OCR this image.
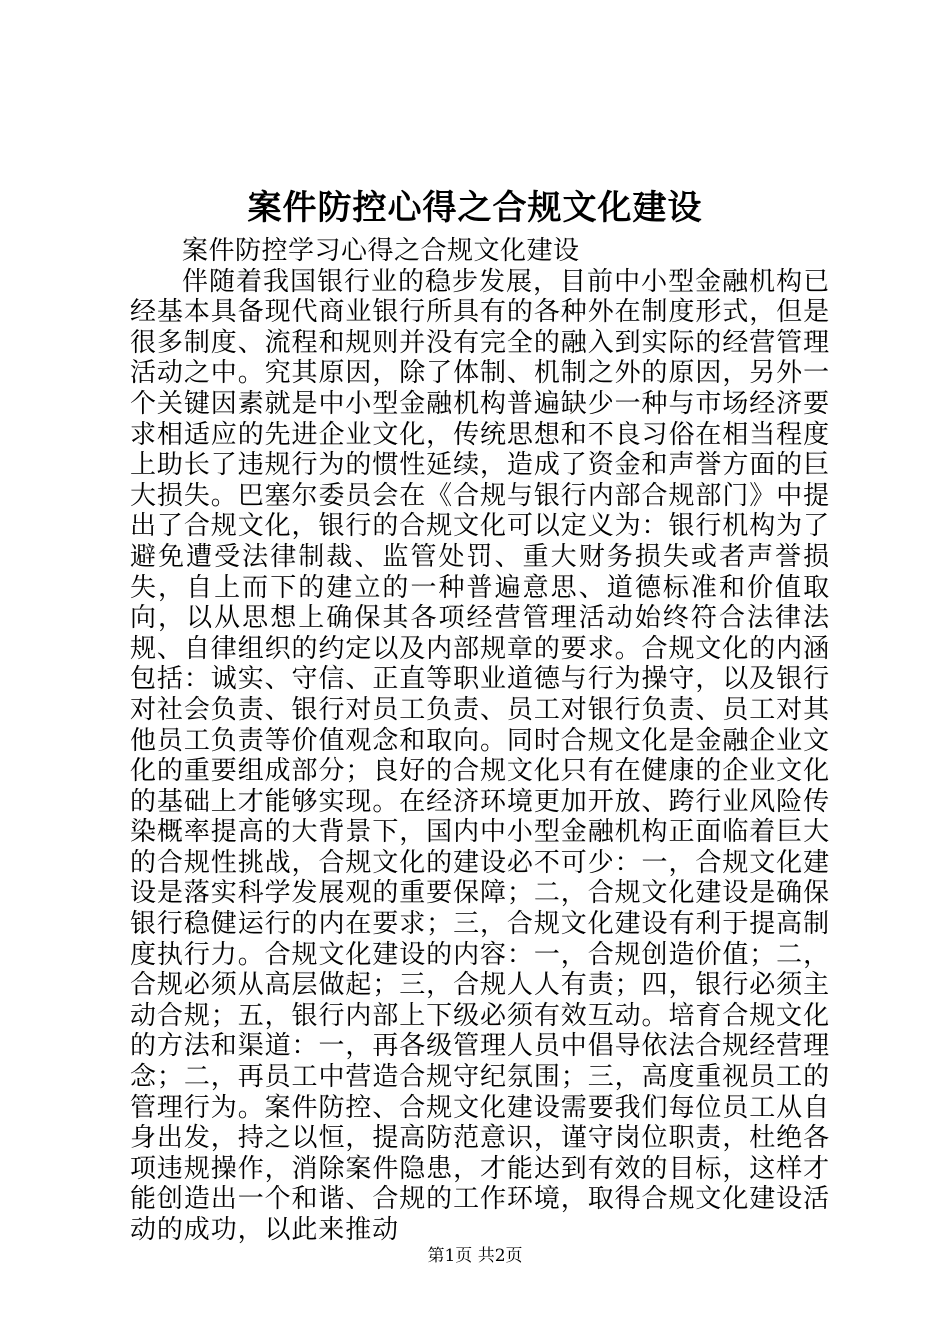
案件防控心得之合规文化建设
案件防控学习心得之合规文化建设

伴随着我国银行业的稳步发展，目前中小型金融机构已经基本具备现代商业银行所具有的各种外在制度形式，但是很多制度、流程和规则并没有完全的融入到实际的经营管理活动之中。究其原因，除了体制、机制之外的原因，另外一个关键因素就是中小型金融机构普遍缺少一种与市场经济要求相适应的先进企业文化，传统思想和不良习俗在相当程度上助长了违规行为的惯性延续，造成了资金和声誉方面的巨大损失。巴塞尔委员会在《合规与银行内部合规部门》中提出了合规文化，银行的合规文化可以定义为：银行机构为了避免遭受法律制裁、监管处罚、重大财务损失或者声誉损失，自上而下的建立的一种普遍意思、道德标准和价值取向，以从思想上确保其各项经营管理活动始终符合法律法规、自律组织的约定以及内部规章的要求。合规文化的内涵包括：诚实、守信、正直等职业道德与行为操守，以及银行对社会负责、银行对员工负责、员工对银行负责、员工对其他员工负责等价值观念和取向。同时合规文化是金融企业文化的重要组成部分；良好的合规文化只有在健康的企业文化的基础上才能够实现。在经济环境更加开放、跨行业风险传染概率提高的大背景下，国内中小型金融机构正面临着巨大的合规性挑战，合规文化的建设必不可少：一，合规文化建设是落实科学发展观的重要保障；二，合规文化建设是确保银行稳健运行的内在要求；三，合规文化建设有利于提高制度执行力。合规文化建设的内容：一，合规创造价值；二，合规必须从高层做起；三，合规人人有责；四，银行必须主动合规；五，银行内部上下级必须有效互动。培育合规文化的方法和渠道：一，再各级管理人员中倡导依法合规经营理念；二，再员工中营造合规守纪氛围；三，高度重视员工的管理行为。案件防控、合规文化建设需要我们每位员工从自身出发，持之以恒，提高防范意识，谨守岗位职责，杜绝各项违规操作，消除案件隐患，才能达到有效的目标，这样才能创造出一个和谐、合规的工作环境，取得合规文化建设活动的成功，以此来推动

第1页 共2页
